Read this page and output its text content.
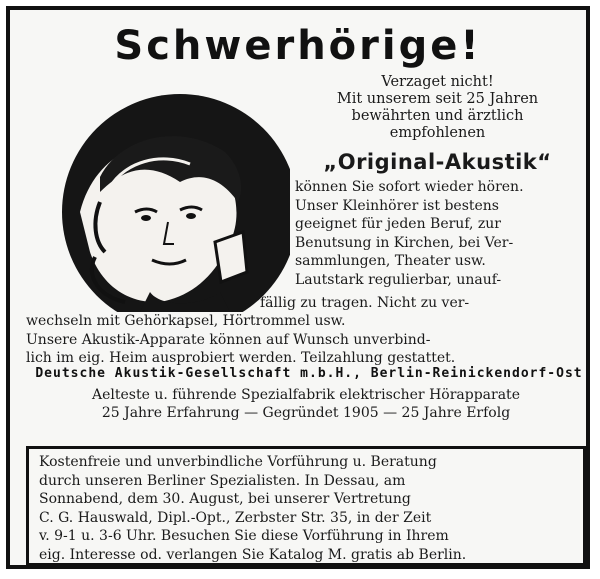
Schwerhörige!
Verzaget nicht!
Mit unserem seit 25 Jahren
bewährten und ärztlich
empfohlenen
„Original-Akustik“
können Sie sofort wieder hören.
Unser Kleinhörer ist bestens
geeignet für jeden Beruf, zur
Benutsung in Kirchen, bei Ver-
sammlungen, Theater usw.
Lautstark regulierbar, unauf-
fällig zu tragen. Nicht zu ver-
wechseln mit Gehörkapsel, Hörtrommel usw.
Unsere Akustik-Apparate können auf Wunsch unverbind-
lich im eig. Heim ausprobiert werden. Teilzahlung gestattet.
Deutsche Akustik-Gesellschaft m.b.H., Berlin-Reinickendorf-Ost
Aelteste u. führende Spezialfabrik elektrischer Hörapparate
25 Jahre Erfahrung — Gegründet 1905 — 25 Jahre Erfolg
Kostenfreie und unverbindliche Vorführung u. Beratung
durch unseren Berliner Spezialisten. In Dessau, am
Sonnabend, dem 30. August, bei unserer Vertretung
C. G. Hauswald, Dipl.-Opt., Zerbster Str. 35, in der Zeit
v. 9-1 u. 3-6 Uhr. Besuchen Sie diese Vorführung in Ihrem
eig. Interesse od. verlangen Sie Katalog M. gratis ab Berlin.
